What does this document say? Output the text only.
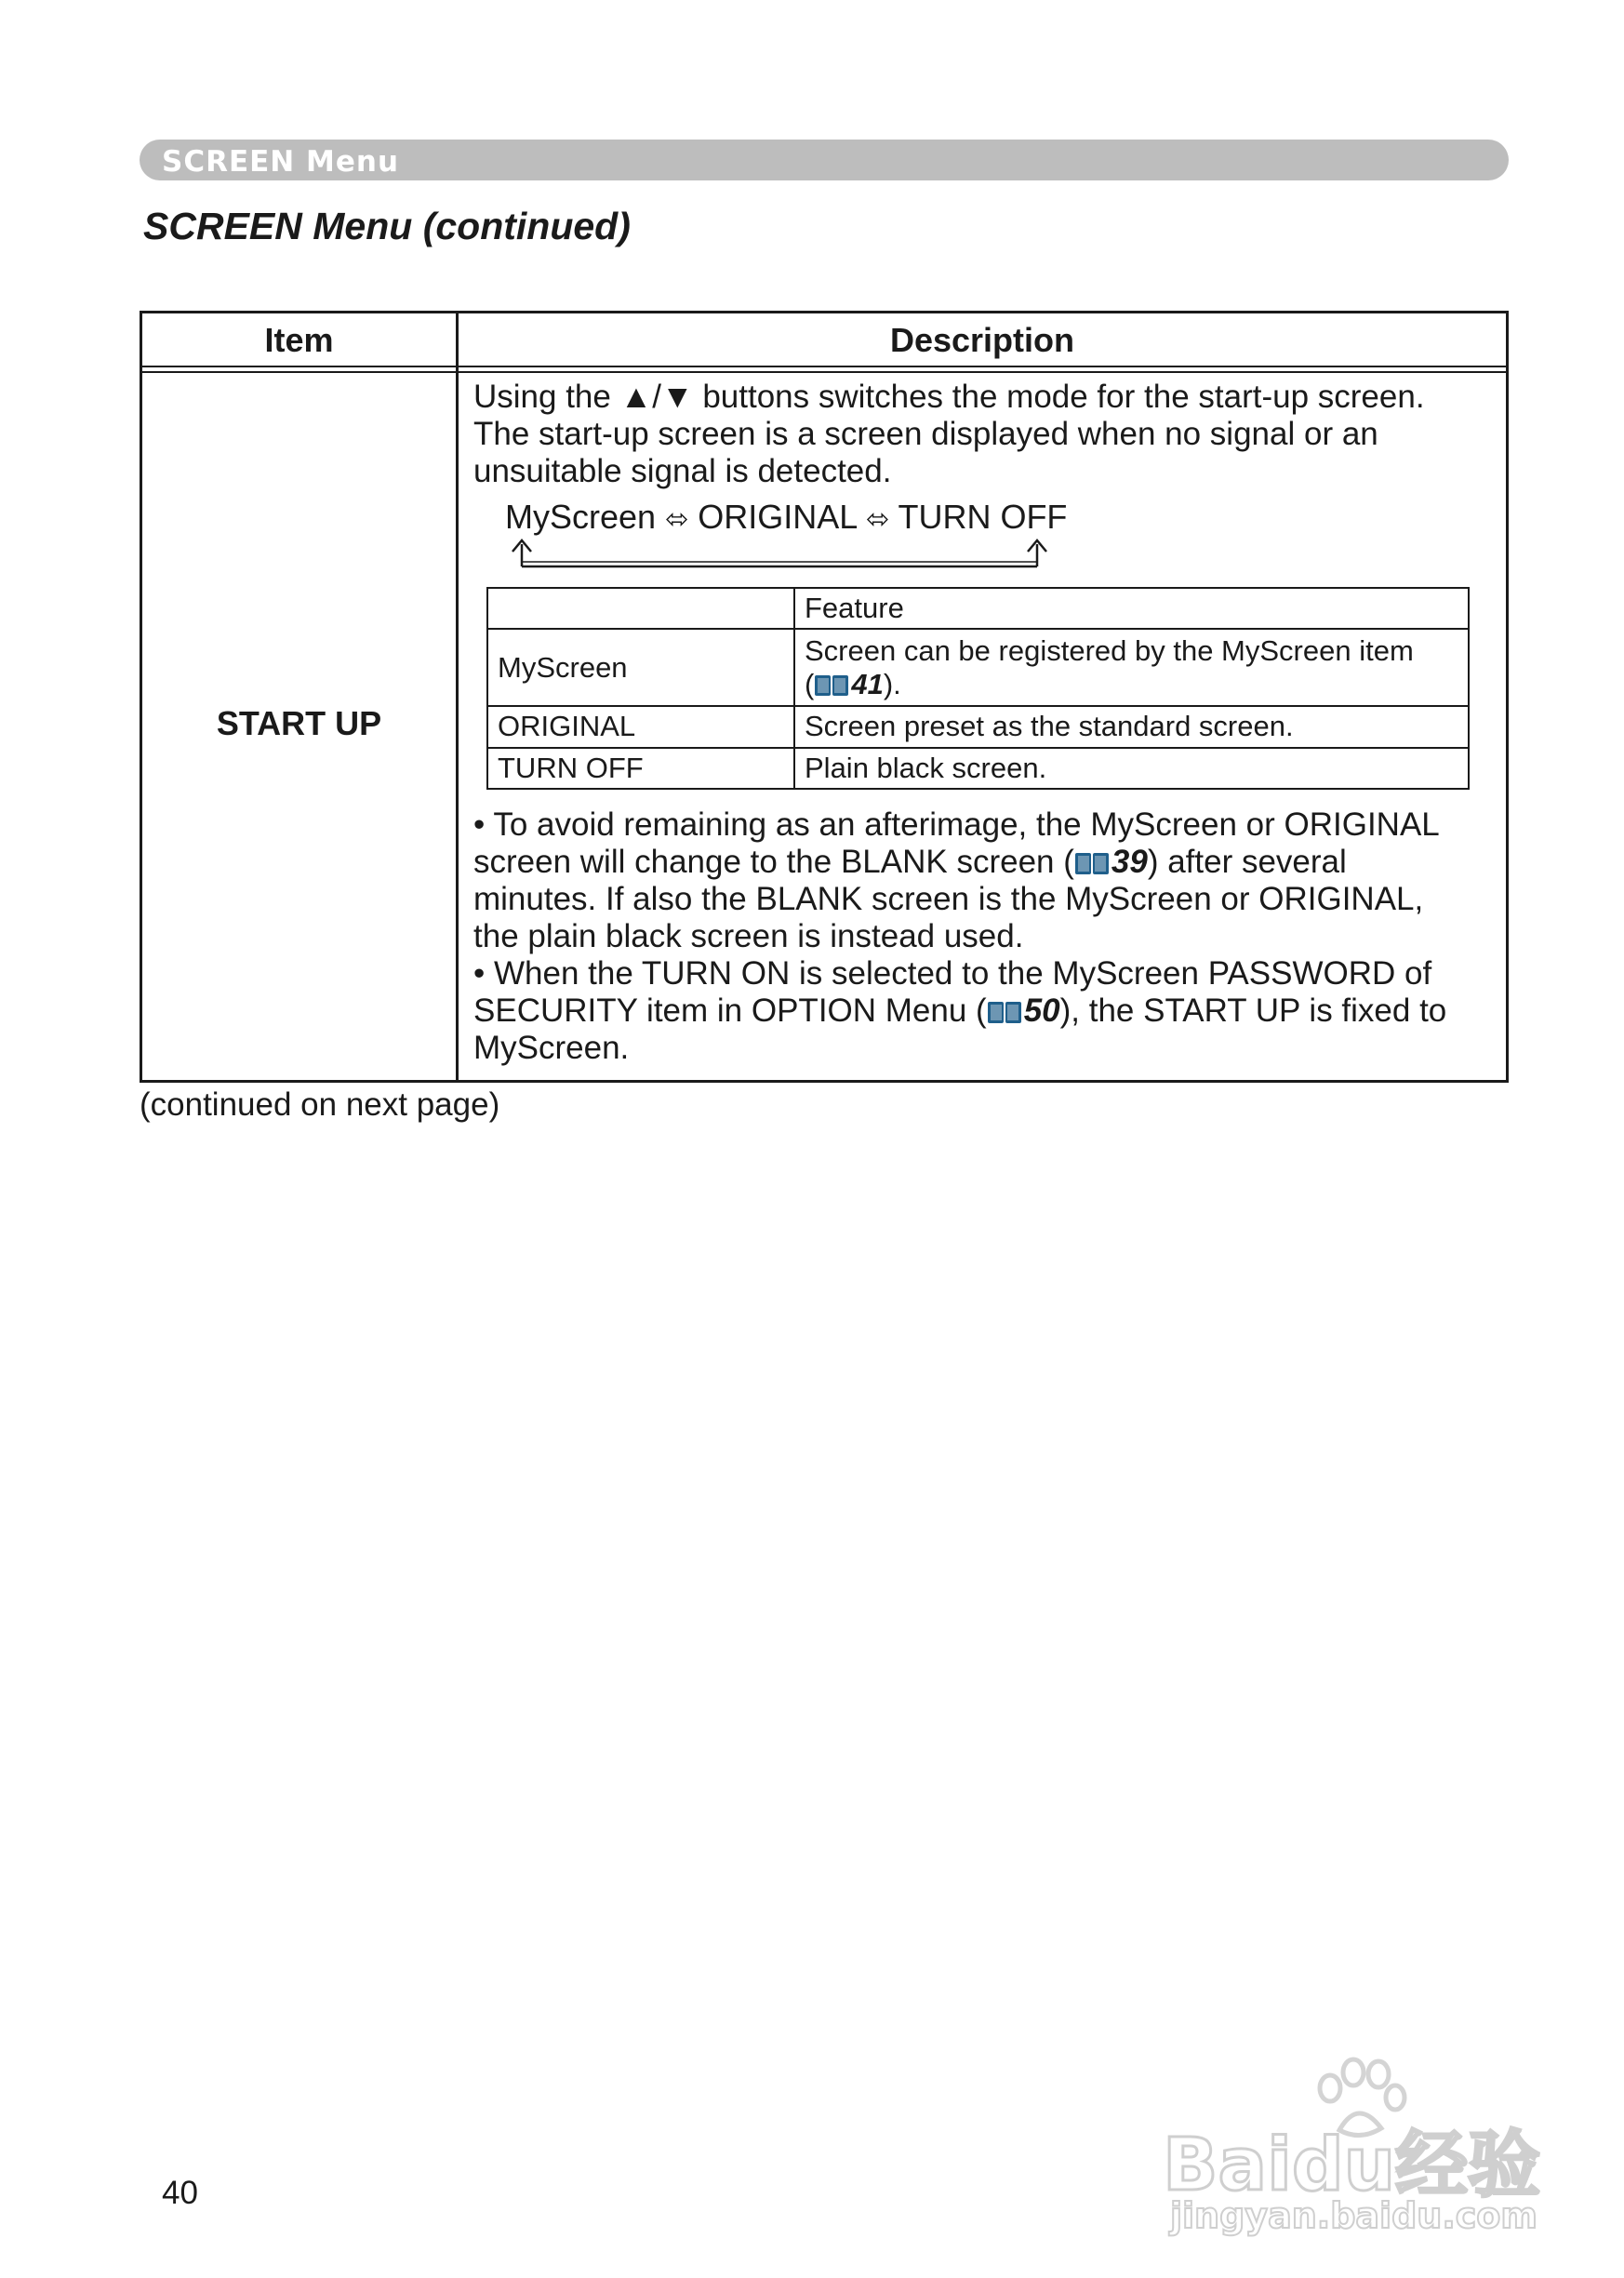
SCREEN Menu
SCREEN Menu (continued)
Item	Description
START UP
Using the ▲/▼ buttons switches the mode for the start-up screen.
The start-up screen is a screen displayed when no signal or an
unsuitable signal is detected.
MyScreen ⬄ ORIGINAL ⬄ TURN OFF
	Feature
MyScreen	Screen can be registered by the MyScreen item
( 41).
ORIGINAL	Screen preset as the standard screen.
TURN OFF	Plain black screen.
• To avoid remaining as an afterimage, the MyScreen or ORIGINAL
screen will change to the BLANK screen ( 39) after several
minutes. If also the BLANK screen is the MyScreen or ORIGINAL,
the plain black screen is instead used.
• When the TURN ON is selected to the MyScreen PASSWORD of
SECURITY item in OPTION Menu ( 50), the START UP is fixed to
MyScreen.
(continued on next page)
40	Baidu经验
jingyan.baidu.com
